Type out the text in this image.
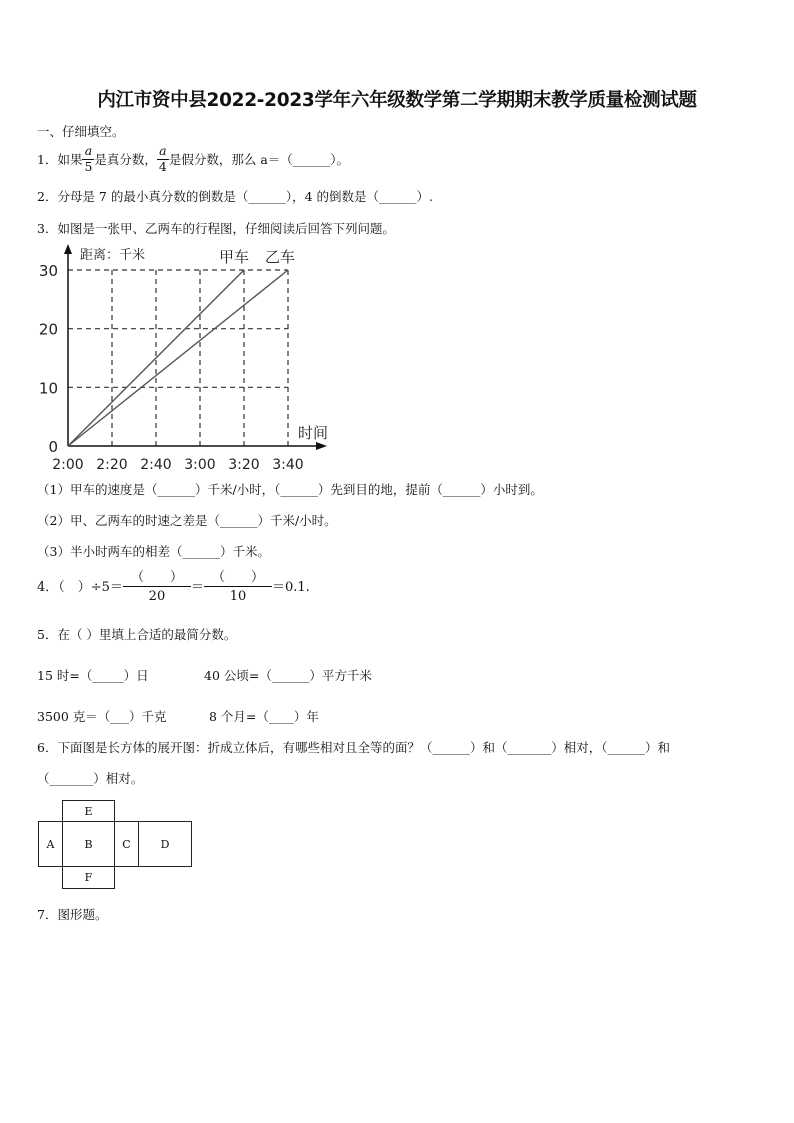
内江市资中县2022-2023学年六年级数学第二学期期末教学质量检测试题
一、仔细填空。
1．如果 $\frac{a}{5}$ 是真分数， $\frac{a}{4}$ 是假分数，那么 a＝（______）。
2．分母是 7 的最小真分数的倒数是（______），4 的倒数是（______）.
3．如图是一张甲、乙两车的行程图，仔细阅读后回答下列问题。
甲车 乙车
0
10
20
30
2:00 2:20 2:40 3:00 3:20 3:40
距离：千米
时间
（1）甲车的速度是（______）千米/小时，（______）先到目的地，提前（______）小时到。
（2）甲、乙两车的时速之差是（______）千米/小时。
（3）半小时两车的相差（______）千米。
4．（　）$\div 5= \frac{( )}{20} = \frac{( )}{10} =0.1$.
5．在（ ）里填上合适的最简分数。
15 时=（_____）日	40 公顷=（______）平方千米
3500 克＝（___）千克	8 个月=（____）年
6．下面图是长方体的展开图：折成立体后，有哪些相对且全等的面？（______）和（_______）相对，（______）和
（_______）相对。
E
A	B	C	D
F
7．图形题。
